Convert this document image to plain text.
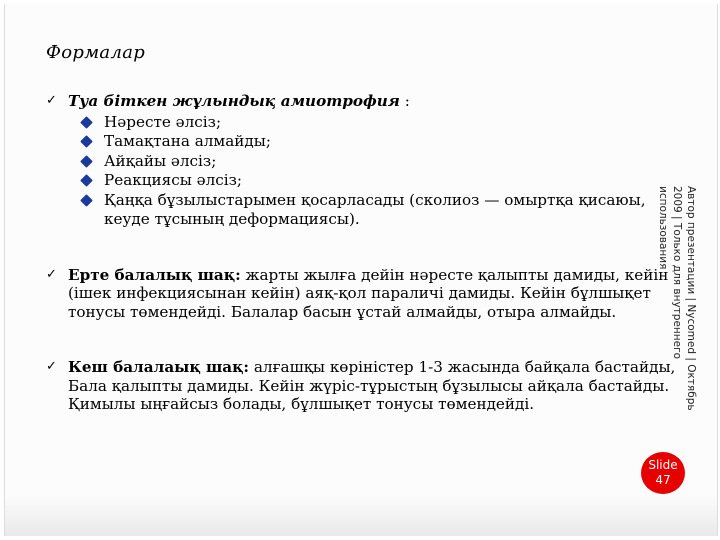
Формалар
✓ Туа біткен жұлындық амиотрофия :
Нәресте әлсіз;
Тамақтана алмайды;
Айқайы әлсіз;
Реакциясы әлсіз;
Қаңқа бұзылыстарымен қосарласады (сколиоз — омыртқа қисаюы, кеуде тұсының деформациясы).
✓ Ерте балалық шақ: жарты жылға дейін нәресте қалыпты дамиды, кейін (ішек инфекциясынан кейін) аяқ-қол параличі дамиды. Кейін бұлшықет тонусы төмендейді. Балалар басын ұстай алмайды, отыра алмайды.
✓ Кеш балалаық шақ: алғашқы көріністер 1-3 жасында байқала бастайды, Бала қалыпты дамиды. Кейін жүріс-тұрыстың бұзылысы айқала бастайды. Қимылы ыңғайсыз болады, бұлшықет тонусы төмендейді.	Автор презентации | Nycomed | Октябрь 2009 | Только для внутреннего использования
Slide
47
